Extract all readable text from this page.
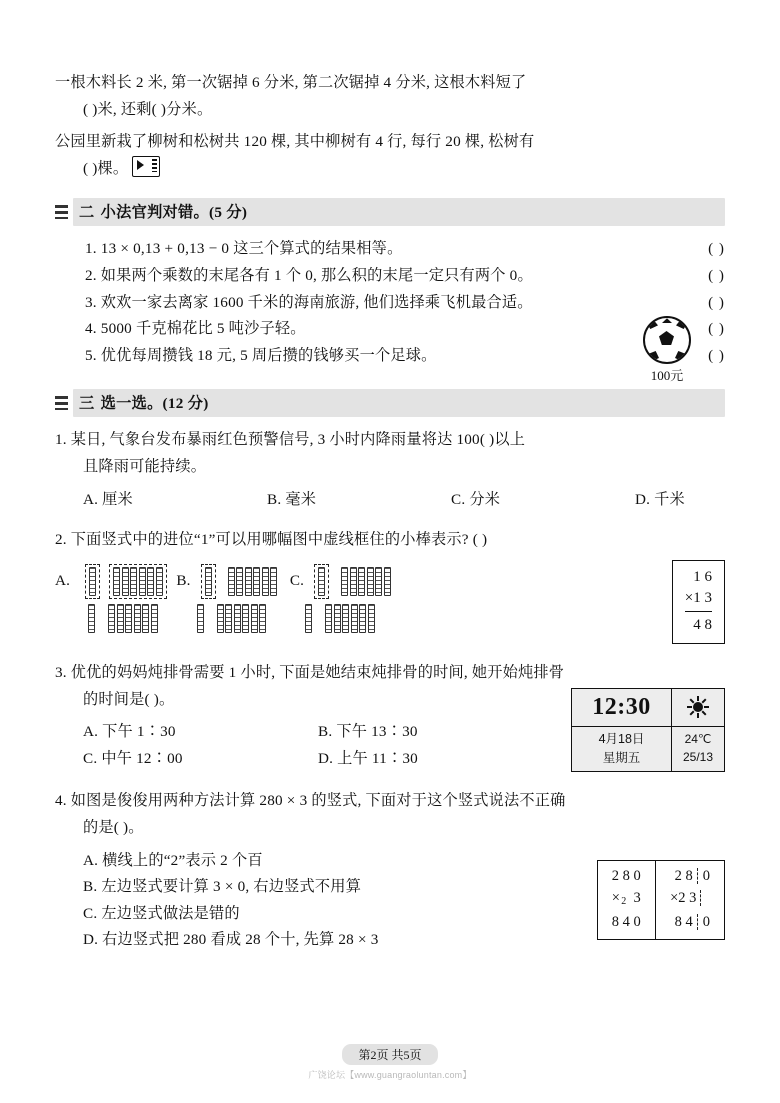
一根木料长 2 米, 第一次锯掉 6 分米, 第二次锯掉 4 分米, 这根木料短了
( )米, 还剩( )分米。
公园里新栽了柳树和松树共 120 棵, 其中柳树有 4 行, 每行 20 棵, 松树有
( )棵。
二 小法官判对错。(5 分)
1. 13 × 0,13 + 0,13 − 0 这三个算式的结果相等。	( )
2. 如果两个乘数的末尾各有 1 个 0, 那么积的末尾一定只有两个 0。	( )
3. 欢欢一家去离家 1600 千米的海南旅游, 他们选择乘飞机最合适。	( )
4. 5000 千克棉花比 5 吨沙子轻。	( )
5. 优优每周攒钱 18 元, 5 周后攒的钱够买一个足球。	( )
三 选一选。(12 分)
1. 某日, 气象台发布暴雨红色预警信号, 3 小时内降雨量将达 100( )以上
且降雨可能持续。
A. 厘米	B. 毫米	C. 分米	D. 千米
2. 下面竖式中的进位“1”可以用哪幅图中虚线框住的小棒表示? ( )
A.	B.	C.	1 6
× 1 3
4 8
3. 优优的妈妈炖排骨需要 1 小时, 下面是她结束炖排骨的时间, 她开始炖排骨
的时间是( )。
A. 下午 1∶30	B. 下午 13∶30
C. 中午 12∶00	D. 上午 11∶30
12:30
4月18日
星期五
24℃
25/13
4. 如图是俊俊用两种方法计算 280 × 3 的竖式, 下面对于这个竖式说法不正确
的是( )。
A. 横线上的“2”表示 2 个百
B. 左边竖式要计算 3 × 0, 右边竖式不用算
C. 左边竖式做法是错的
D. 右边竖式把 280 看成 28 个十, 先算 28 × 3
2 8 0
× $_2$ 3
8 4 0
2 8 0
× 2 3
8 4 0
100元
第2页 共5页
广饶论坛【www.guangraoluntan.com】
